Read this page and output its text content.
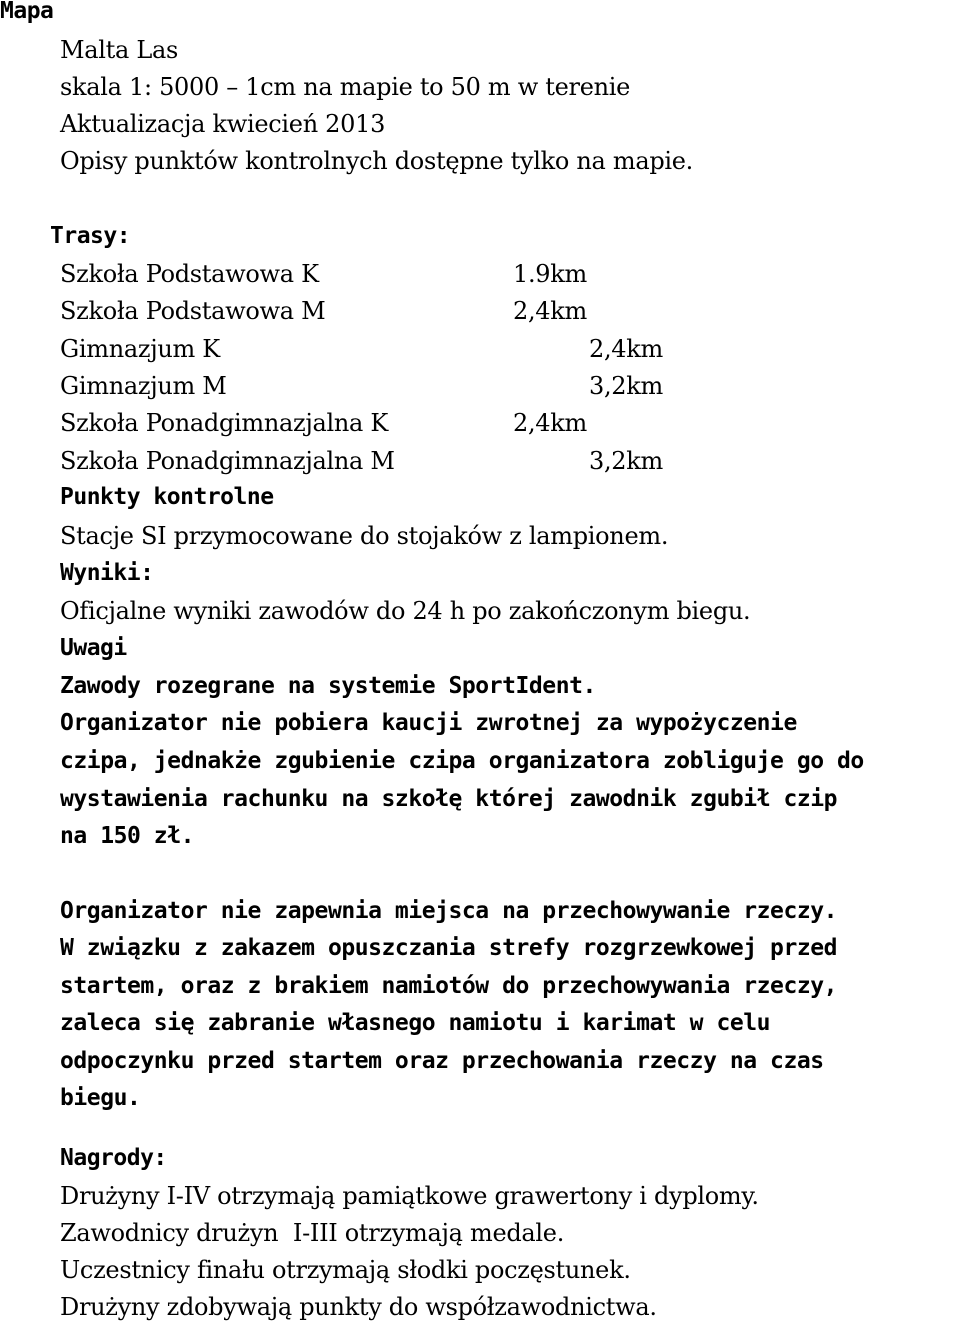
Mapa
Malta Las
skala 1: 5000 – 1cm na mapie to 50 m w terenie
Aktualizacja kwiecień 2013
Opisy punktów kontrolnych dostępne tylko na mapie.
Trasy:
Szkoła Podstawowa K	1.9km
Szkoła Podstawowa M	2,4km
Gimnazjum K	2,4km
Gimnazjum M	3,2km
Szkoła Ponadgimnazjalna K	2,4km
Szkoła Ponadgimnazjalna M	3,2km
Punkty kontrolne
Stacje SI przymocowane do stojaków z lampionem.
Wyniki:
Oficjalne wyniki zawodów do 24 h po zakończonym biegu.
Uwagi
Zawody rozegrane na systemie SportIdent.
Organizator nie pobiera kaucji zwrotnej za wypożyczenie
czipa, jednakże zgubienie czipa organizatora zobliguje go do
wystawienia rachunku na szkołę której zawodnik zgubił czip
na 150 zł.
Organizator nie zapewnia miejsca na przechowywanie rzeczy.
W związku z zakazem opuszczania strefy rozgrzewkowej przed
startem, oraz z brakiem namiotów do przechowywania rzeczy,
zaleca się zabranie własnego namiotu i karimat w celu
odpoczynku przed startem oraz przechowania rzeczy na czas
biegu.
Nagrody:
Drużyny I-IV otrzymają pamiątkowe grawertony i dyplomy.
Zawodnicy drużyn  I-III otrzymają medale.
Uczestnicy finału otrzymają słodki poczęstunek.
Drużyny zdobywają punkty do współzawodnictwa.
